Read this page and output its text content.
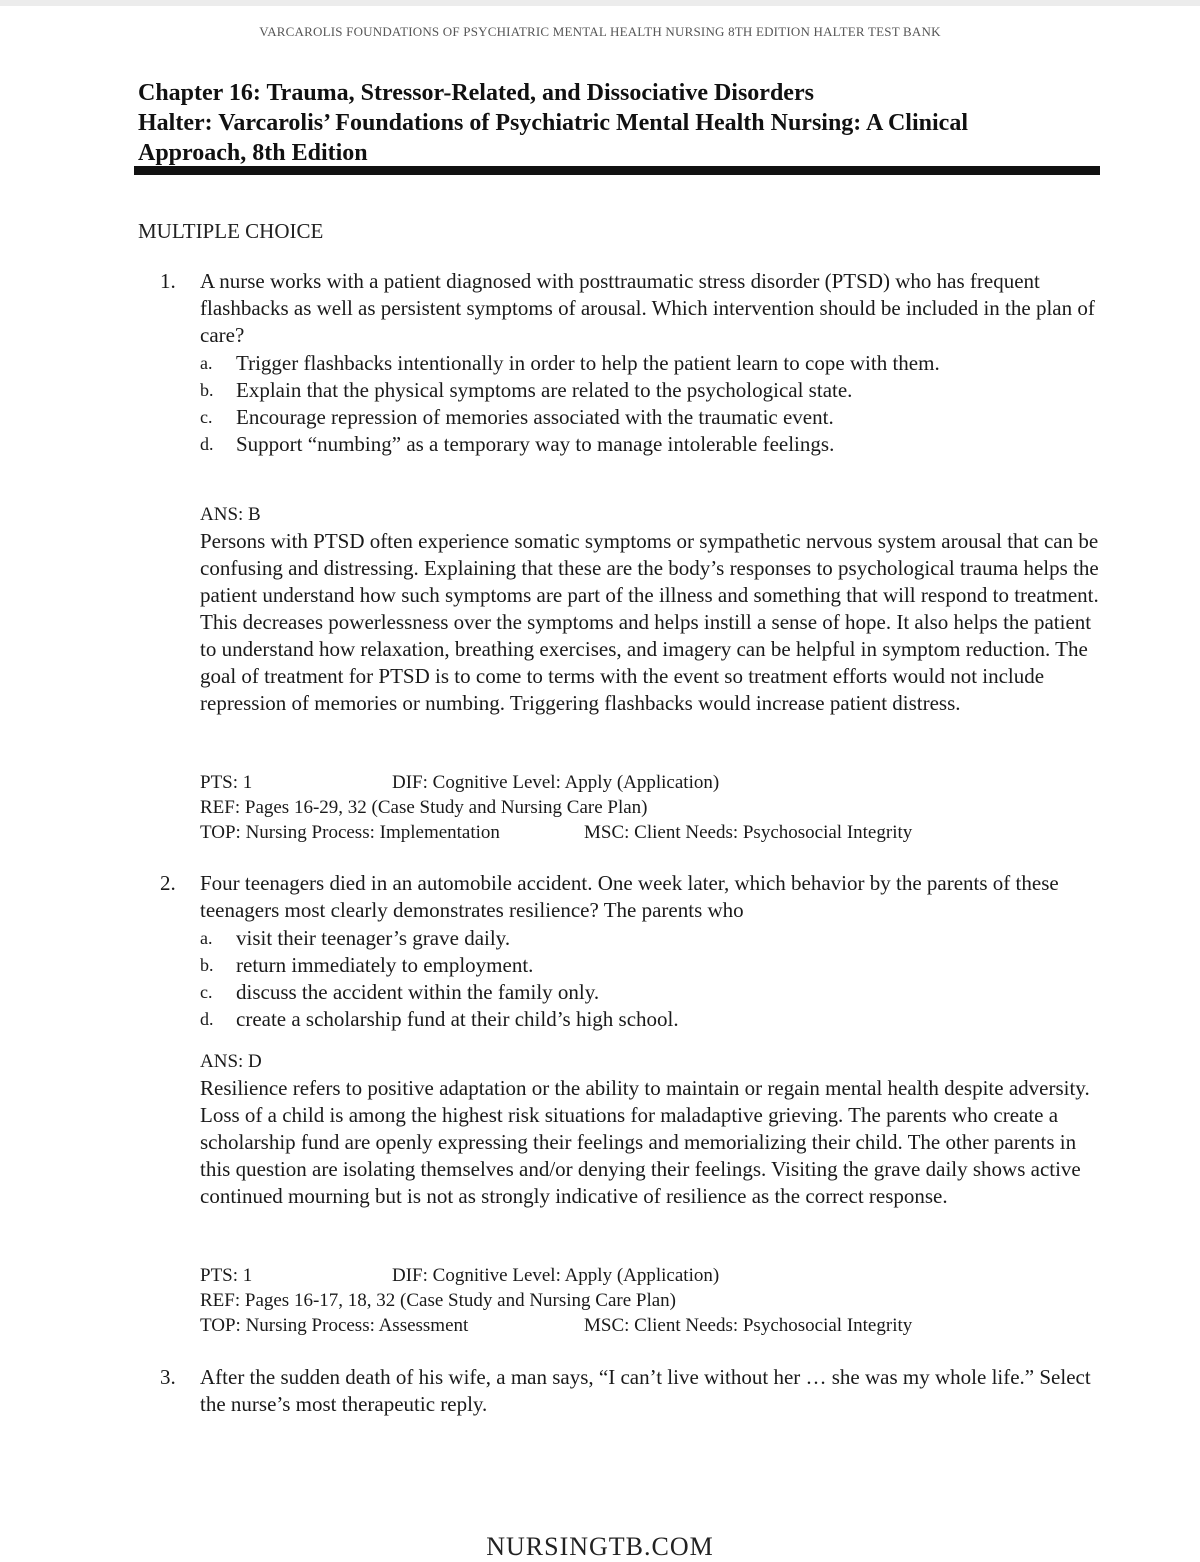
VARCAROLIS FOUNDATIONS OF PSYCHIATRIC MENTAL HEALTH NURSING 8TH EDITION HALTER TEST BANK
Chapter 16: Trauma, Stressor-Related, and Dissociative Disorders
Halter: Varcarolis’ Foundations of Psychiatric Mental Health Nursing: A Clinical
Approach, 8th Edition
MULTIPLE CHOICE
1. A nurse works with a patient diagnosed with posttraumatic stress disorder (PTSD) who has frequent flashbacks as well as persistent symptoms of arousal. Which intervention should be included in the plan of care?
a. Trigger flashbacks intentionally in order to help the patient learn to cope with them.
b. Explain that the physical symptoms are related to the psychological state.
c. Encourage repression of memories associated with the traumatic event.
d. Support “numbing” as a temporary way to manage intolerable feelings.
ANS: B
Persons with PTSD often experience somatic symptoms or sympathetic nervous system arousal that can be confusing and distressing. Explaining that these are the body’s responses to psychological trauma helps the patient understand how such symptoms are part of the illness and something that will respond to treatment. This decreases powerlessness over the symptoms and helps instill a sense of hope. It also helps the patient to understand how relaxation, breathing exercises, and imagery can be helpful in symptom reduction. The goal of treatment for PTSD is to come to terms with the event so treatment efforts would not include repression of memories or numbing. Triggering flashbacks would increase patient distress.
PTS: 1	DIF: Cognitive Level: Apply (Application)
REF: Pages 16-29, 32 (Case Study and Nursing Care Plan)
TOP: Nursing Process: Implementation	MSC: Client Needs: Psychosocial Integrity
2. Four teenagers died in an automobile accident. One week later, which behavior by the parents of these teenagers most clearly demonstrates resilience? The parents who
a. visit their teenager’s grave daily.
b. return immediately to employment.
c. discuss the accident within the family only.
d. create a scholarship fund at their child’s high school.
ANS: D
Resilience refers to positive adaptation or the ability to maintain or regain mental health despite adversity. Loss of a child is among the highest risk situations for maladaptive grieving. The parents who create a scholarship fund are openly expressing their feelings and memorializing their child. The other parents in this question are isolating themselves and/or denying their feelings. Visiting the grave daily shows active continued mourning but is not as strongly indicative of resilience as the correct response.
PTS: 1	DIF: Cognitive Level: Apply (Application)
REF: Pages 16-17, 18, 32 (Case Study and Nursing Care Plan)
TOP: Nursing Process: Assessment	MSC: Client Needs: Psychosocial Integrity
3. After the sudden death of his wife, a man says, “I can’t live without her … she was my whole life.” Select the nurse’s most therapeutic reply.
NURSINGTB.COM
